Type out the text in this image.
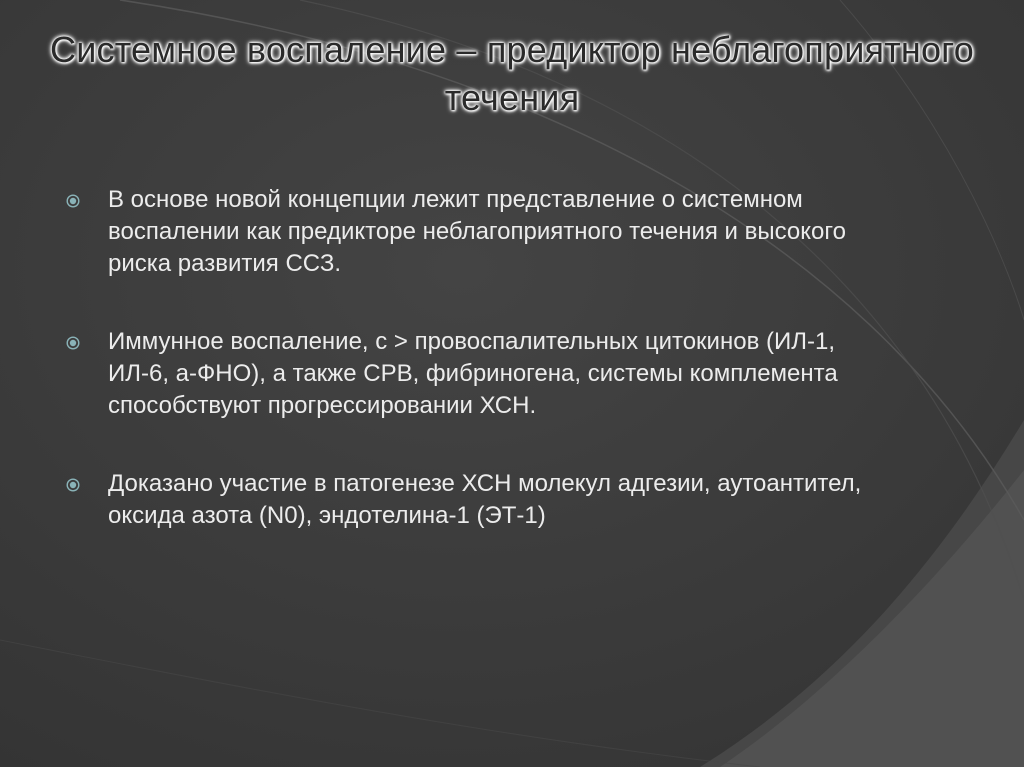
Системное воспаление – предиктор неблагоприятного течения
В основе новой концепции лежит представление о системном воспалении как предикторе неблагоприятного течения и высокого риска развития ССЗ.
Иммунное воспаление, с > провоспалительных цитокинов (ИЛ-1, ИЛ-6, а-ФНО), а также СРВ, фибриногена, системы комплемента способствуют прогрессировании ХСН.
Доказано участие в патогенезе ХСН молекул адгезии, аутоантител, оксида азота (N0), эндотелина-1 (ЭТ-1)
